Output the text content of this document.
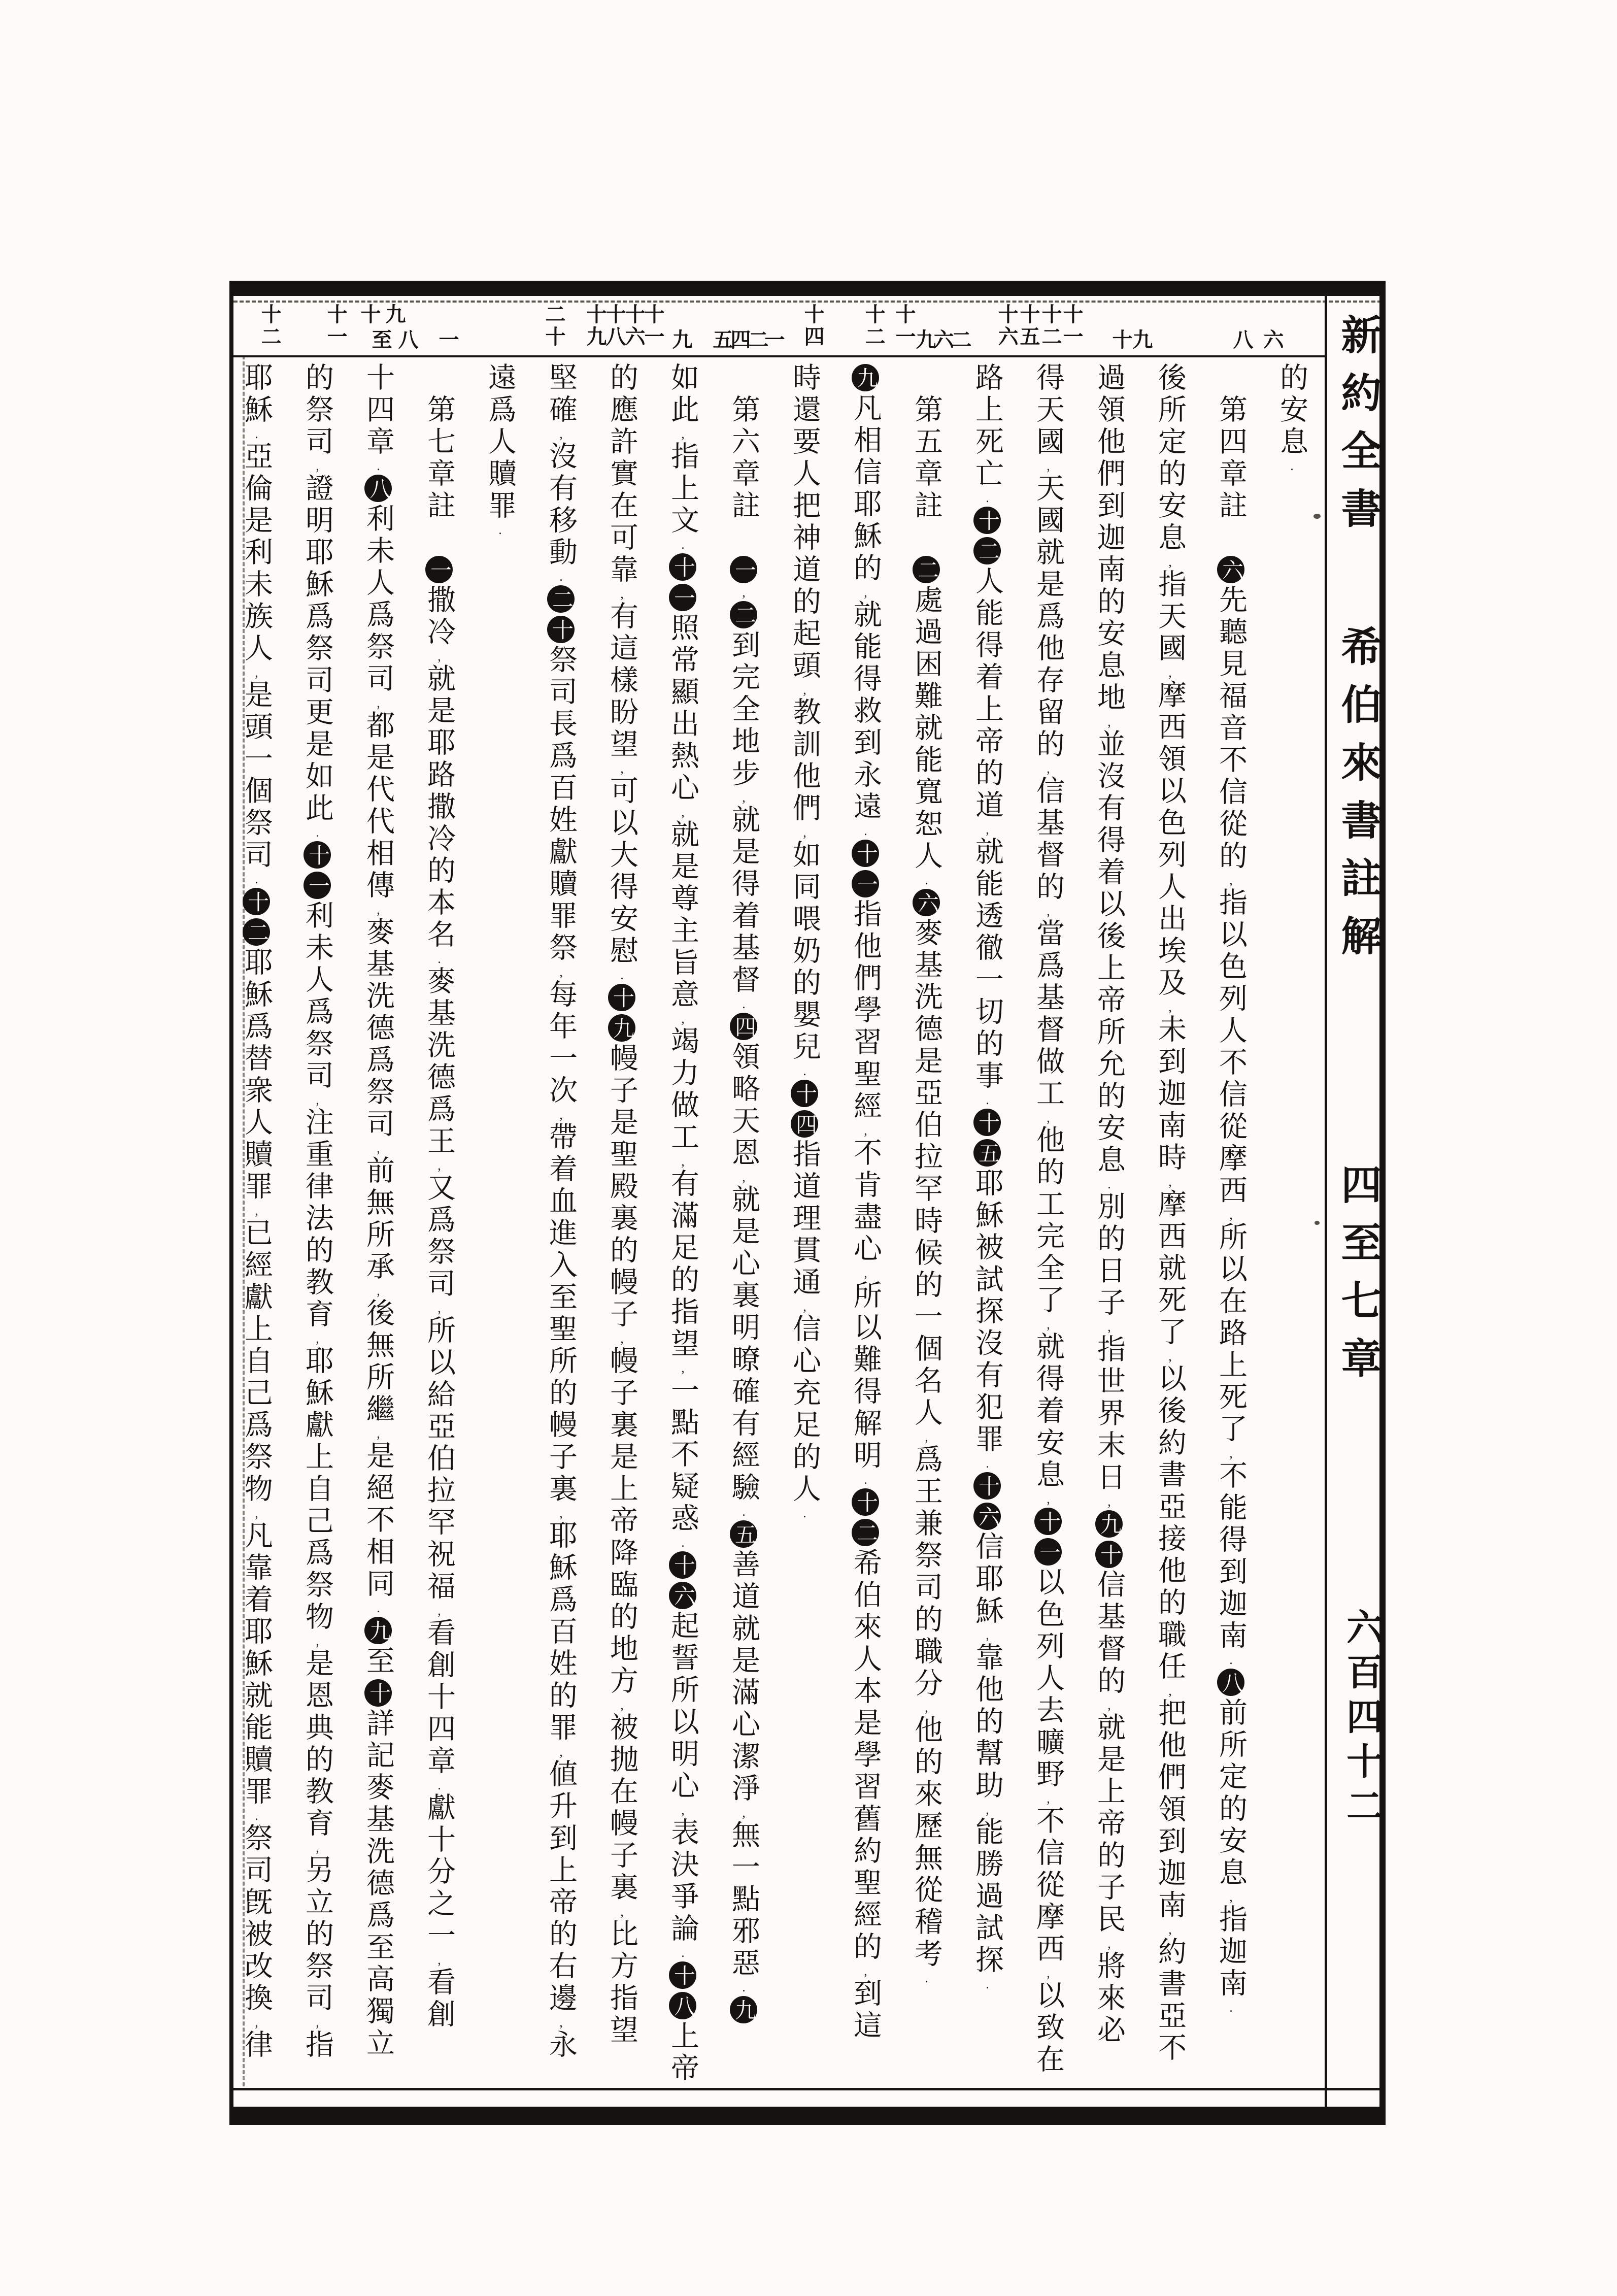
新約全書
希伯來書註解
四至七章
六百四十二
六
八
九
十
十一
十二
十五
十六
二
六
九
十一
十二
十四
一
二
四
五
九
十一
十六
十八
十九
二十
一
八
九
至
十
十一
十二
的安息.
　第四章註　六先聽見福音不信從的,指以色列人不信從摩西,所以在路上死了,不能得到迦南.八前所定的安息,指迦南.
後所定的安息,指天國,摩西領以色列人出埃及,未到迦南時,摩西就死了,以後約書亞接他的職任,把他們領到迦南,約書亞不
過領他們到迦南的安息地,並沒有得着以後上帝所允的安息.別的日子,指世界末日,九十信基督的,就是上帝的子民,將來必
得天國,天國就是爲他存留的,信基督的,當爲基督做工,他的工完全了,就得着安息,十一以色列人去曠野,不信從摩西,以致在
路上死亡.十二人能得着上帝的道,就能透徹一切的事.十五耶穌被試探沒有犯罪.十六信耶穌,靠他的幫助,能勝過試探.
　第五章註　二處過困難就能寬恕人.六麥基洗德是亞伯拉罕時候的一個名人,爲王兼祭司的職分,他的來歷無從稽考.
九凡相信耶穌的,就能得救到永遠.十一指他們學習聖經,不肯盡心,所以難得解明.十二希伯來人本是學習舊約聖經的,到這
時還要人把神道的起頭,教訓他們,如同喂奶的嬰兒.十四指道理貫通,信心充足的人.
　第六章註　一,二到完全地步,就是得着基督.四領略天恩,就是心裏明暸確有經驗.五善道就是滿心潔淨,無一點邪惡.九
如此,指上文.十一照常顯出熱心,就是尊主旨意,竭力做工,有滿足的指望,一點不疑惑.十六起誓所以明心,表決爭論.十八上帝
的應許實在可靠,有這樣盼望,可以大得安慰.十九幔子是聖殿裏的幔子,幔子裏是上帝降臨的地方,被抛在幔子裏,比方指望
堅確,沒有移動.二十祭司長爲百姓獻贖罪祭,每年一次,帶着血進入至聖所的幔子裏,耶穌爲百姓的罪,値升到上帝的右邊,永
遠爲人贖罪.
　第七章註　一撒冷,就是耶路撒冷的本名.麥基洗德爲王,又爲祭司,所以給亞伯拉罕祝福,看創十四章.獻十分之一,看創
十四章.八利未人爲祭司,都是代代相傳,麥基洗德爲祭司,前無所承,後無所繼,是絕不相同.九至十詳記麥基洗德爲至高獨立
的祭司,證明耶穌爲祭司更是如此.十一利未人爲祭司,注重律法的教育,耶穌獻上自己爲祭物,是恩典的教育,另立的祭司,指
耶穌.亞倫是利未族人,是頭一個祭司.十二耶穌爲替衆人贖罪,已經獻上自己爲祭物,凡靠着耶穌就能贖罪.祭司旣被改換,律
